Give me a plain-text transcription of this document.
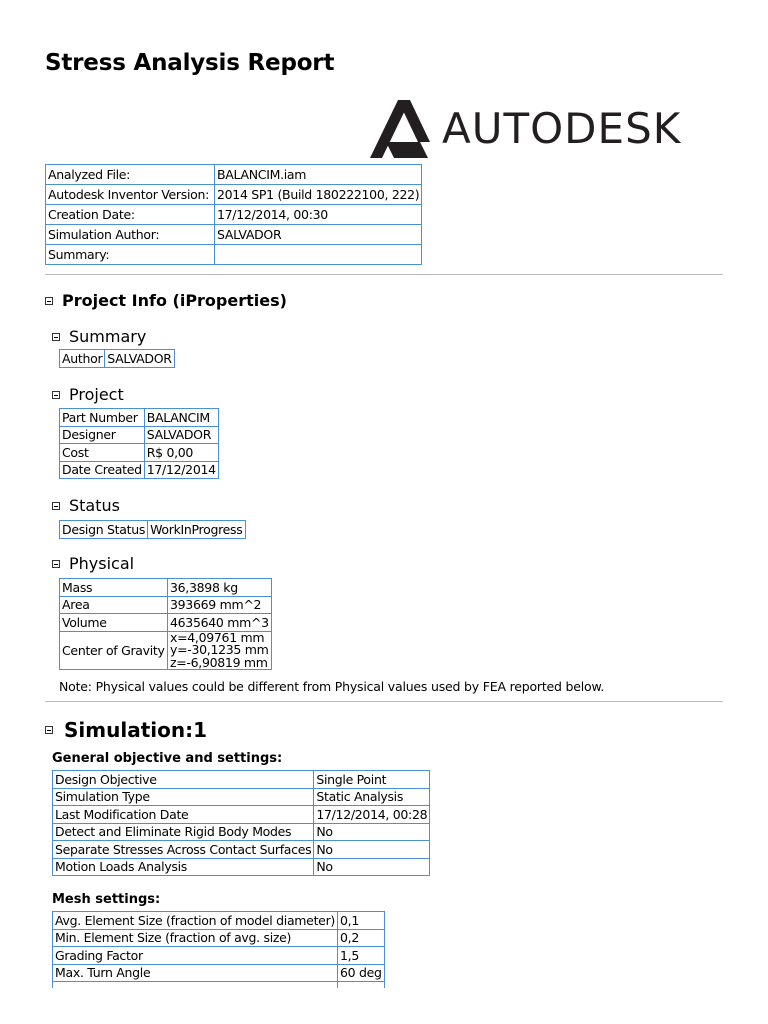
Stress Analysis Report
AUTODESK
Analyzed File:	BALANCIM.iam
Autodesk Inventor Version:	2014 SP1 (Build 180222100, 222)
Creation Date:	17/12/2014, 00:30
Simulation Author:	SALVADOR
Summary:	
Project Info (iProperties)
Summary
Author	SALVADOR
Project
Part Number	BALANCIM
Designer	SALVADOR
Cost	R$ 0,00
Date Created	17/12/2014
Status
Design Status	WorkInProgress
Physical
Mass	36,3898 kg
Area	393669 mm^2
Volume	4635640 mm^3
Center of Gravity	x=4,09761 mm
y=-30,1235 mm
z=-6,90819 mm

Note: Physical values could be different from Physical values used by FEA reported below.

Simulation:1

General objective and settings:

Design Objective	Single Point
Simulation Type	Static Analysis
Last Modification Date	17/12/2014, 00:28
Detect and Eliminate Rigid Body Modes	No
Separate Stresses Across Contact Surfaces	No
Motion Loads Analysis	No

Mesh settings:

Avg. Element Size (fraction of model diameter)	0,1
Min. Element Size (fraction of avg. size)	0,2
Grading Factor	1,5
Max. Turn Angle	60 deg
